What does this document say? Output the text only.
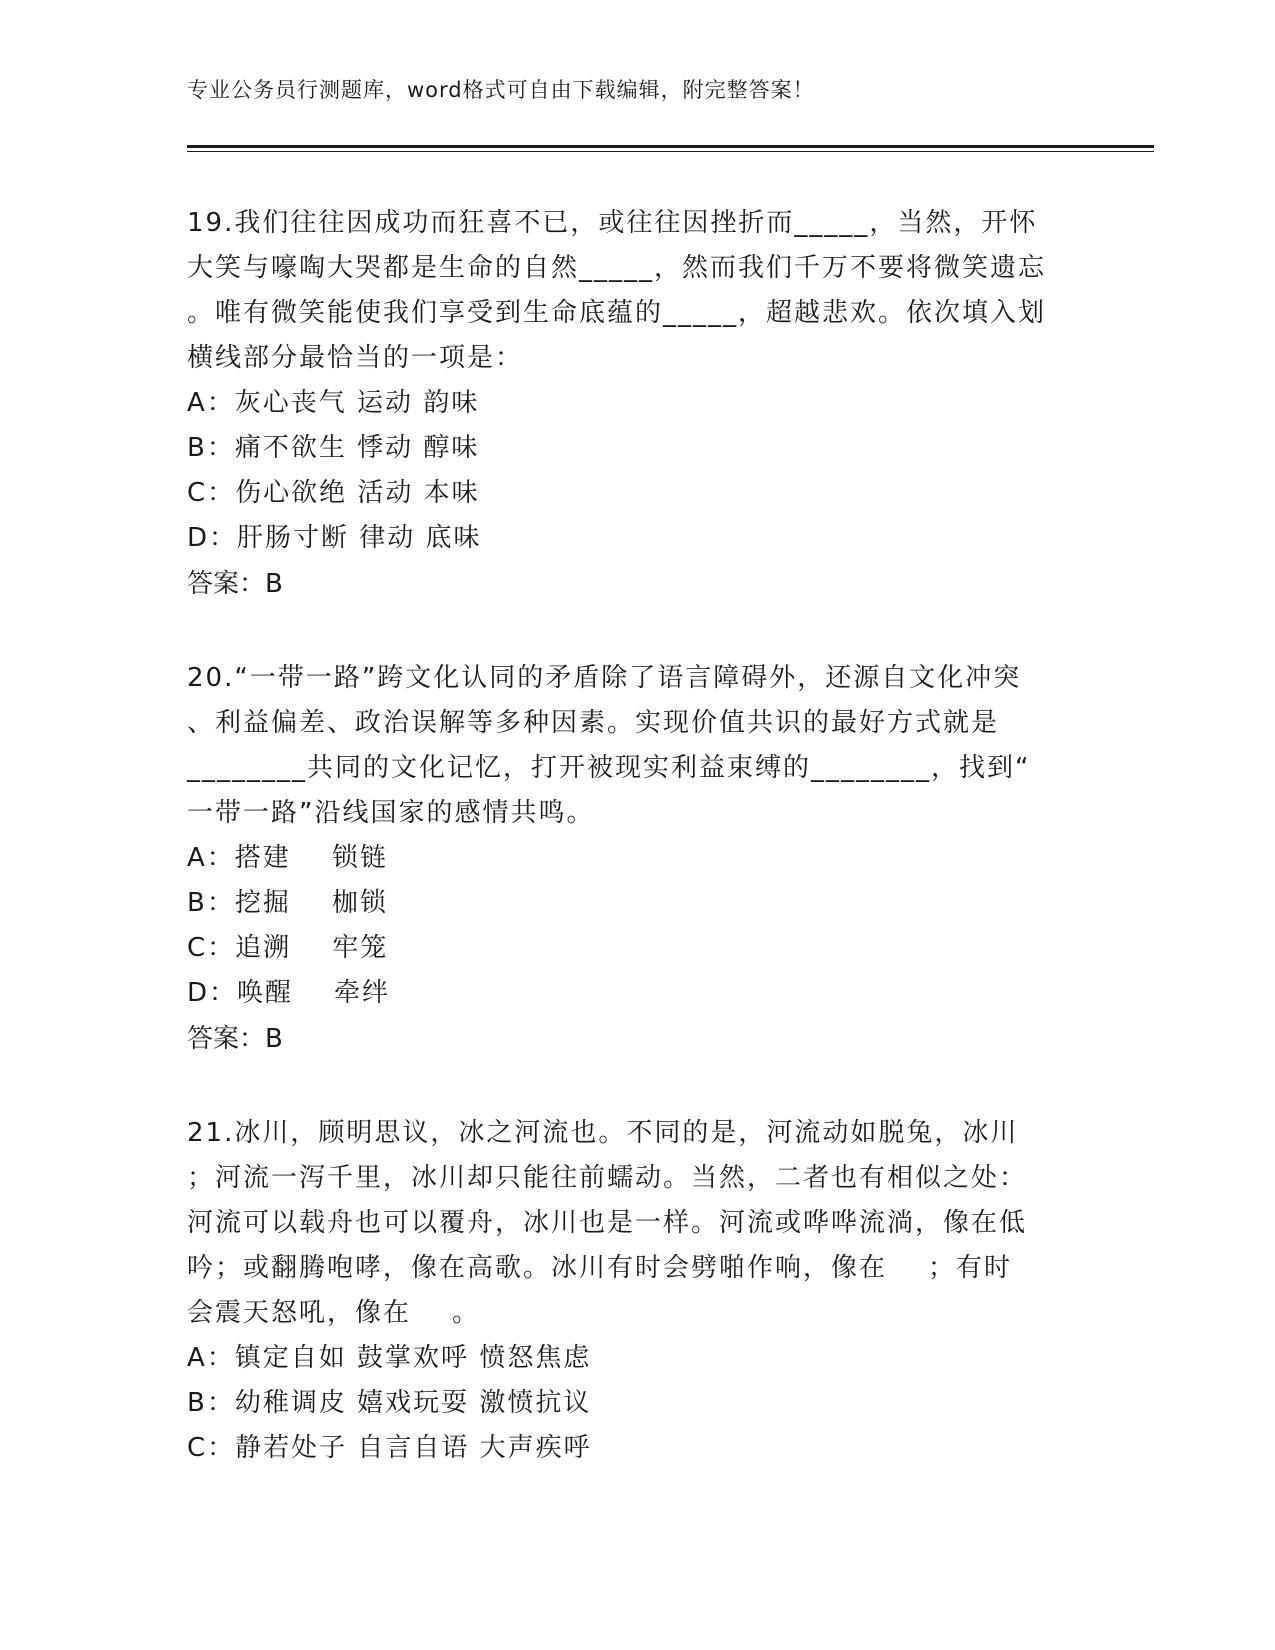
专业公务员行测题库，word格式可自由下载编辑，附完整答案！
19.我们往往因成功而狂喜不已，或往往因挫折而_____，当然，开怀
大笑与嚎啕大哭都是生命的自然_____，然而我们千万不要将微笑遗忘
。唯有微笑能使我们享受到生命底蕴的_____，超越悲欢。依次填入划
横线部分最恰当的一项是：
A：灰心丧气 运动 韵味
B：痛不欲生 悸动 醇味
C：伤心欲绝 活动 本味
D：肝肠寸断 律动 底味
答案：B
20.“一带一路”跨文化认同的矛盾除了语言障碍外，还源自文化冲突
、利益偏差、政治误解等多种因素。实现价值共识的最好方式就是
________共同的文化记忆，打开被现实利益束缚的________，找到“
一带一路”沿线国家的感情共鸣。
A：搭建    锁链
B：挖掘    枷锁
C：追溯    牢笼
D：唤醒    牵绊
答案：B
21.冰川，顾明思议，冰之河流也。不同的是，河流动如脱兔，冰川
；河流一泻千里，冰川却只能往前蠕动。当然，二者也有相似之处：
河流可以载舟也可以覆舟，冰川也是一样。河流或哗哗流淌，像在低
吟；或翻腾咆哮，像在高歌。冰川有时会劈啪作响，像在    ；有时
会震天怒吼，像在    。
A：镇定自如 鼓掌欢呼 愤怒焦虑
B：幼稚调皮 嬉戏玩耍 激愤抗议
C：静若处子 自言自语 大声疾呼
